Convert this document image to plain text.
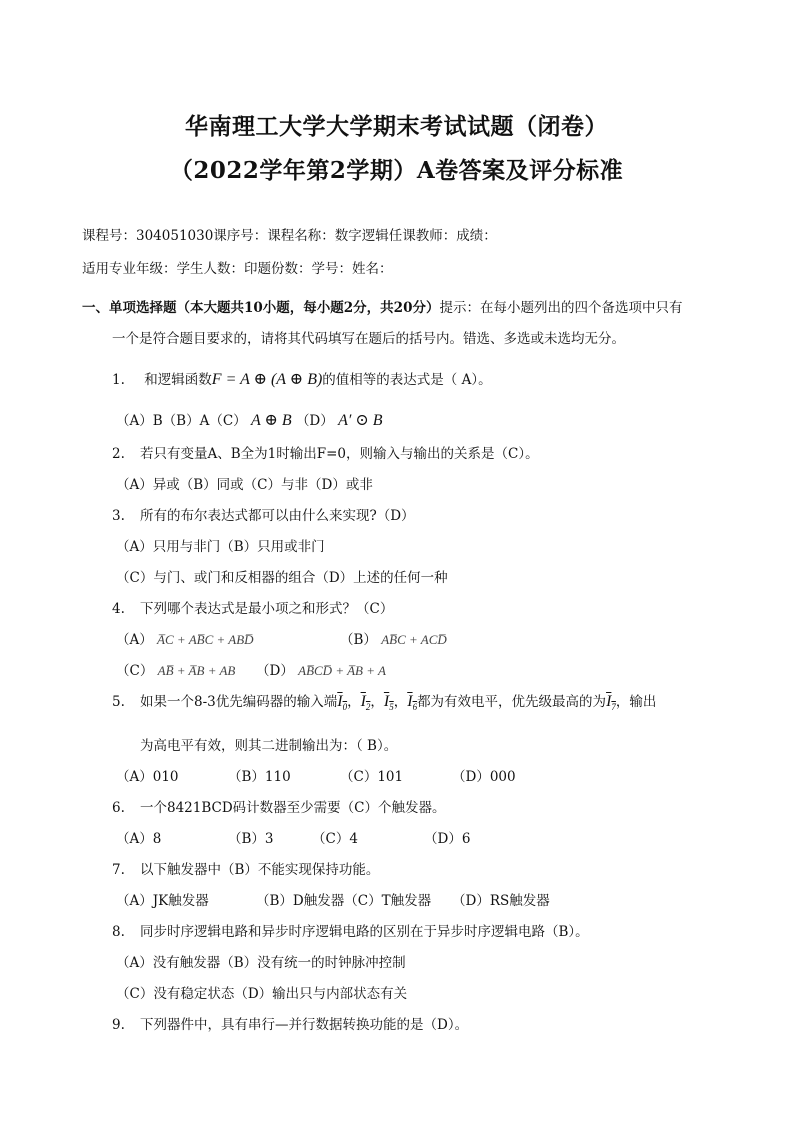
华南理工大学大学期末考试试题（闭卷）
（2022学年第2学期）A卷答案及评分标准
课程号：304051030课序号：课程名称：数字逻辑任课教师：成绩：
适用专业年级：学生人数：印题份数：学号：姓名：
一、单项选择题（本大题共10小题，每小题2分，共20分）提示：在每小题列出的四个备选项中只有
一个是符合题目要求的，请将其代码填写在题后的括号内。错选、多选或未选均无分。
1. 和逻辑函数F = A ⊕ (A ⊕ B)的值相等的表达式是（ A）。
（A）B（B）A（C） A ⊕ B （D） A′ ⊙ B
2. 若只有变量A、B全为1时输出F=0，则输入与输出的关系是（C）。
（A）异或（B）同或（C）与非（D）或非
3. 所有的布尔表达式都可以由什么来实现?（D）
（A）只用与非门（B）只用或非门
（C）与门、或门和反相器的组合（D）上述的任何一种
4. 下列哪个表达式是最小项之和形式？（C）
（A） A̅C + AB̅C + ABD̅	（B） AB̅C + ACD̅
（C） AB̅ + A̅B + AB （D） AB̅CD̅ + A̅B + A
5. 如果一个8-3优先编码器的输入端$I_0$，$I_2$，$I_5$，$I_6$都为有效电平，优先级最高的为$I_7$，输出
为高电平有效，则其二进制输出为：（ B）。
（A）010	（B）110	（C）101	（D）000
6. 一个8421BCD码计数器至少需要（C）个触发器。
（A）8	（B）3	（C）4	（D）6
7. 以下触发器中（B）不能实现保持功能。
（A）JK触发器	（B）D触发器（C）T触发器 （D）RS触发器
8. 同步时序逻辑电路和异步时序逻辑电路的区别在于异步时序逻辑电路（B）。
（A）没有触发器（B）没有统一的时钟脉冲控制
（C）没有稳定状态（D）输出只与内部状态有关
9. 下列器件中，具有串行—并行数据转换功能的是（D）。
